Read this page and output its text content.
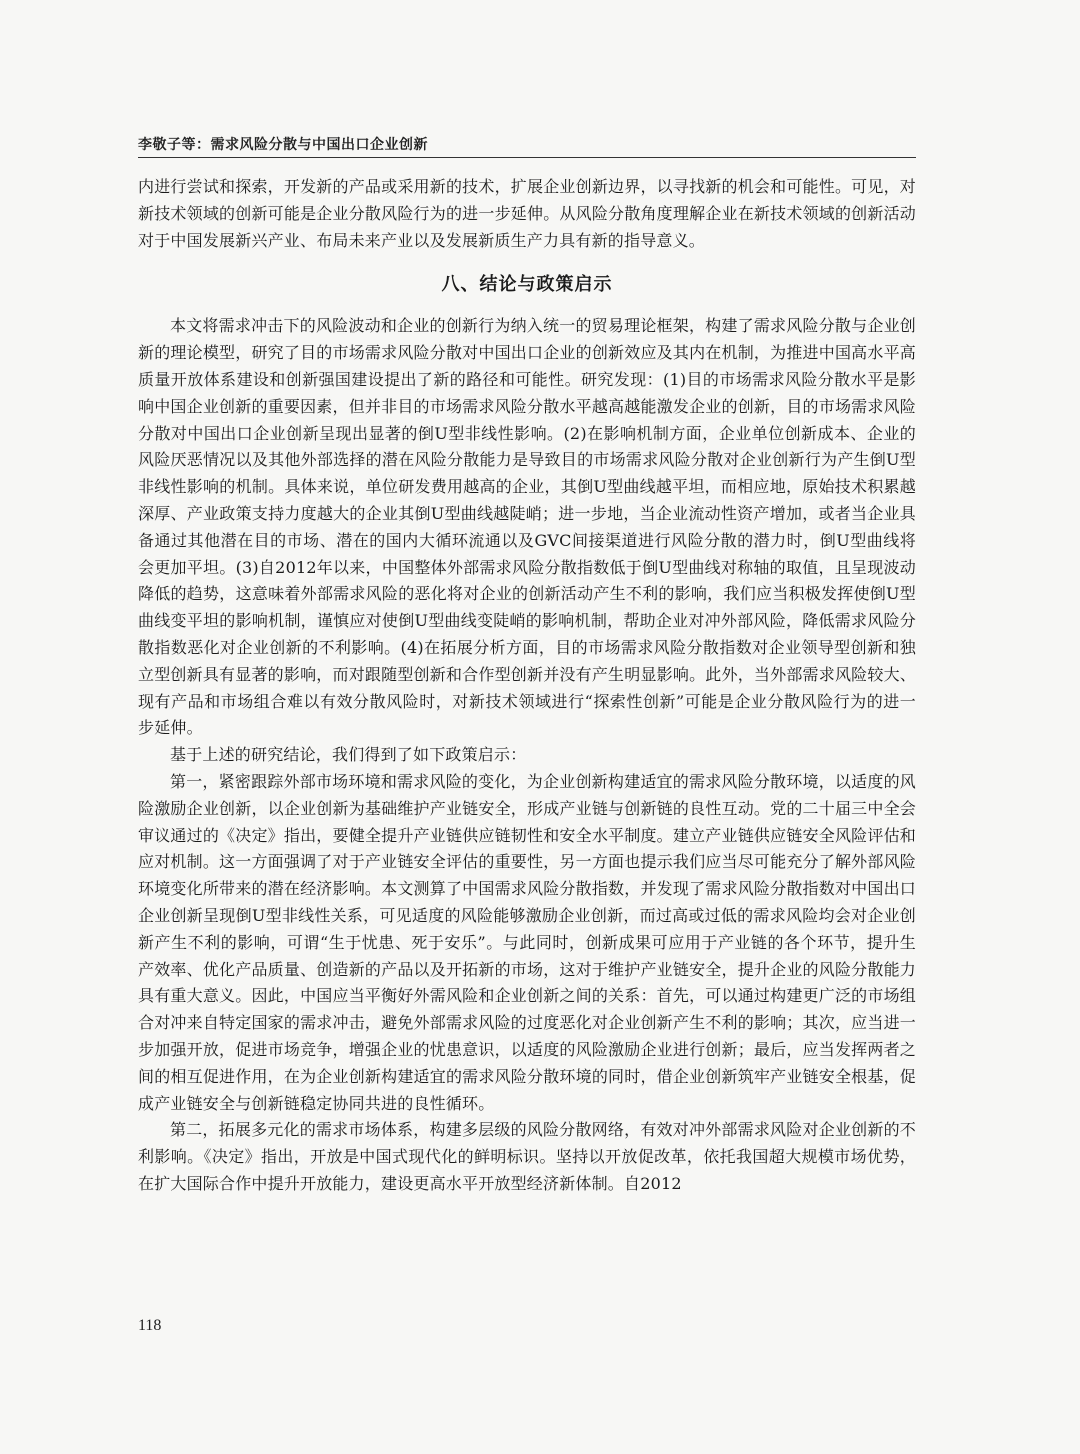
李敬子等：需求风险分散与中国出口企业创新

内进行尝试和探索，开发新的产品或采用新的技术，扩展企业创新边界，以寻找新的机会和可能性。可见，对新技术领域的创新可能是企业分散风险行为的进一步延伸。从风险分散角度理解企业在新技术领域的创新活动对于中国发展新兴产业、布局未来产业以及发展新质生产力具有新的指导意义。

八、结论与政策启示

本文将需求冲击下的风险波动和企业的创新行为纳入统一的贸易理论框架，构建了需求风险分散与企业创新的理论模型，研究了目的市场需求风险分散对中国出口企业的创新效应及其内在机制，为推进中国高水平高质量开放体系建设和创新强国建设提出了新的路径和可能性。研究发现：(1)目的市场需求风险分散水平是影响中国企业创新的重要因素，但并非目的市场需求风险分散水平越高越能激发企业的创新，目的市场需求风险分散对中国出口企业创新呈现出显著的倒U型非线性影响。(2)在影响机制方面，企业单位创新成本、企业的风险厌恶情况以及其他外部选择的潜在风险分散能力是导致目的市场需求风险分散对企业创新行为产生倒U型非线性影响的机制。具体来说，单位研发费用越高的企业，其倒U型曲线越平坦，而相应地，原始技术积累越深厚、产业政策支持力度越大的企业其倒U型曲线越陡峭；进一步地，当企业流动性资产增加，或者当企业具备通过其他潜在目的市场、潜在的国内大循环流通以及GVC间接渠道进行风险分散的潜力时，倒U型曲线将会更加平坦。(3)自2012年以来，中国整体外部需求风险分散指数低于倒U型曲线对称轴的取值，且呈现波动降低的趋势，这意味着外部需求风险的恶化将对企业的创新活动产生不利的影响，我们应当积极发挥使倒U型曲线变平坦的影响机制，谨慎应对使倒U型曲线变陡峭的影响机制，帮助企业对冲外部风险，降低需求风险分散指数恶化对企业创新的不利影响。(4)在拓展分析方面，目的市场需求风险分散指数对企业领导型创新和独立型创新具有显著的影响，而对跟随型创新和合作型创新并没有产生明显影响。此外，当外部需求风险较大、现有产品和市场组合难以有效分散风险时，对新技术领域进行“探索性创新”可能是企业分散风险行为的进一步延伸。

基于上述的研究结论，我们得到了如下政策启示：

第一，紧密跟踪外部市场环境和需求风险的变化，为企业创新构建适宜的需求风险分散环境，以适度的风险激励企业创新，以企业创新为基础维护产业链安全，形成产业链与创新链的良性互动。党的二十届三中全会审议通过的《决定》指出，要健全提升产业链供应链韧性和安全水平制度。建立产业链供应链安全风险评估和应对机制。这一方面强调了对于产业链安全评估的重要性，另一方面也提示我们应当尽可能充分了解外部风险环境变化所带来的潜在经济影响。本文测算了中国需求风险分散指数，并发现了需求风险分散指数对中国出口企业创新呈现倒U型非线性关系，可见适度的风险能够激励企业创新，而过高或过低的需求风险均会对企业创新产生不利的影响，可谓“生于忧患、死于安乐”。与此同时，创新成果可应用于产业链的各个环节，提升生产效率、优化产品质量、创造新的产品以及开拓新的市场，这对于维护产业链安全，提升企业的风险分散能力具有重大意义。因此，中国应当平衡好外需风险和企业创新之间的关系：首先，可以通过构建更广泛的市场组合对冲来自特定国家的需求冲击，避免外部需求风险的过度恶化对企业创新产生不利的影响；其次，应当进一步加强开放，促进市场竞争，增强企业的忧患意识，以适度的风险激励企业进行创新；最后，应当发挥两者之间的相互促进作用，在为企业创新构建适宜的需求风险分散环境的同时，借企业创新筑牢产业链安全根基，促成产业链安全与创新链稳定协同共进的良性循环。

第二，拓展多元化的需求市场体系，构建多层级的风险分散网络，有效对冲外部需求风险对企业创新的不利影响。《决定》指出，开放是中国式现代化的鲜明标识。坚持以开放促改革，依托我国超大规模市场优势，在扩大国际合作中提升开放能力，建设更高水平开放型经济新体制。自2012

118
